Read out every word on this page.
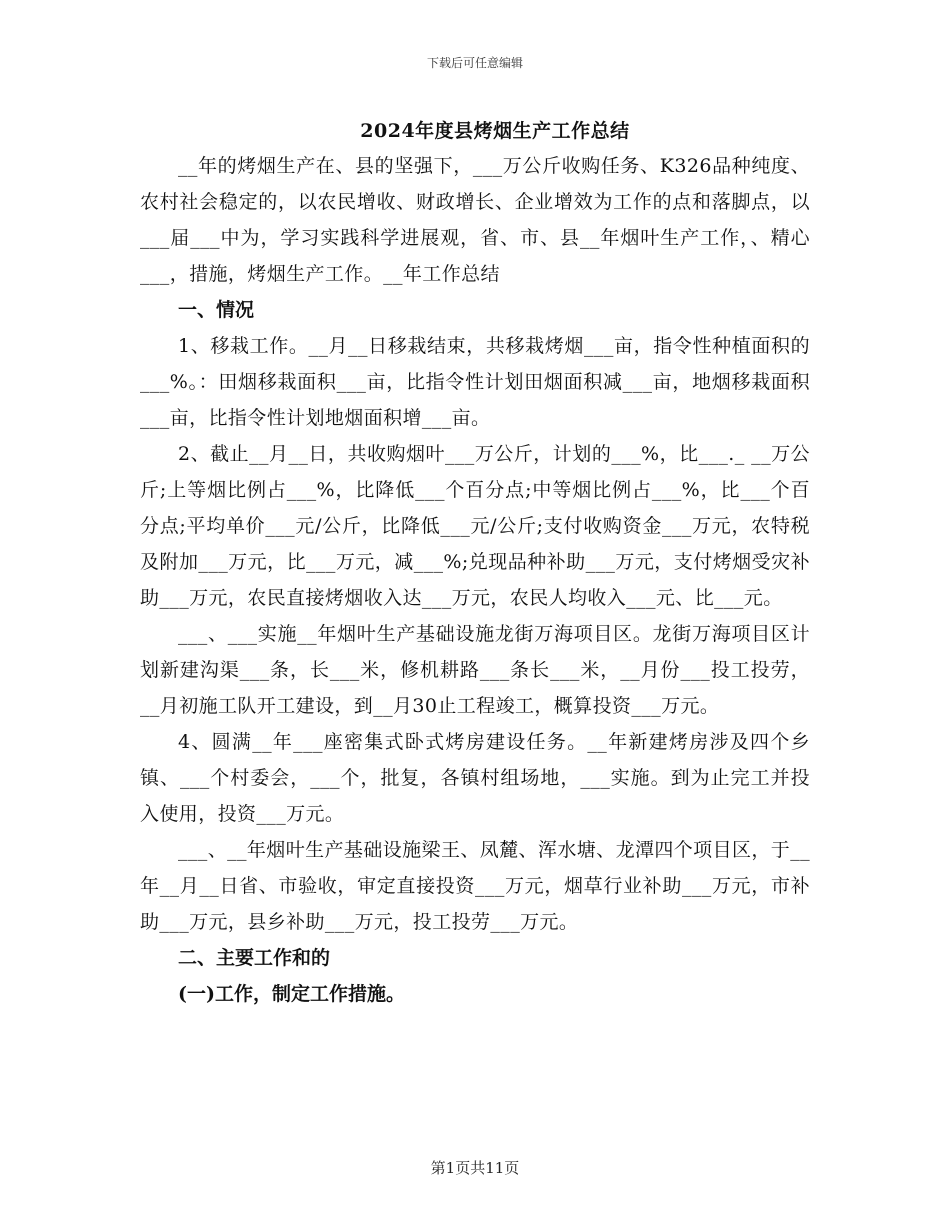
下载后可任意编辑
2024年度县烤烟生产工作总结

__年的烤烟生产在、县的坚强下，___万公斤收购任务、K326品种纯度、农村社会稳定的，以农民增收、财政增长、企业增效为工作的点和落脚点，以___届___中为，学习实践科学进展观，省、市、县__年烟叶生产工作，、精心___，措施，烤烟生产工作。__年工作总结

一、情况

1、移栽工作。__月__日移栽结束，共移栽烤烟___亩，指令性种植面积的___%。：田烟移栽面积___亩，比指令性计划田烟面积减___亩，地烟移栽面积___亩，比指令性计划地烟面积增___亩。

2、截止__月__日，共收购烟叶___万公斤，计划的___%，比___._ __万公斤;上等烟比例占___%，比降低___个百分点;中等烟比例占___%，比___个百分点;平均单价___元/公斤，比降低___元/公斤;支付收购资金___万元，农特税及附加___万元，比___万元，减___%;兑现品种补助___万元，支付烤烟受灾补助___万元，农民直接烤烟收入达___万元，农民人均收入___元、比___元。

___、___实施__年烟叶生产基础设施龙街万海项目区。龙街万海项目区计划新建沟渠___条，长___米，修机耕路___条长___米，__月份___投工投劳，__月初施工队开工建设，到__月30止工程竣工，概算投资___万元。

4、圆满__年___座密集式卧式烤房建设任务。__年新建烤房涉及四个乡镇、___个村委会，___个，批复，各镇村组场地，___实施。到为止完工并投入使用，投资___万元。

___、__年烟叶生产基础设施梁王、凤麓、浑水塘、龙潭四个项目区，于__年__月__日省、市验收，审定直接投资___万元，烟草行业补助___万元，市补助___万元，县乡补助___万元，投工投劳___万元。

二、主要工作和的

(一)工作，制定工作措施。

第1页共11页
